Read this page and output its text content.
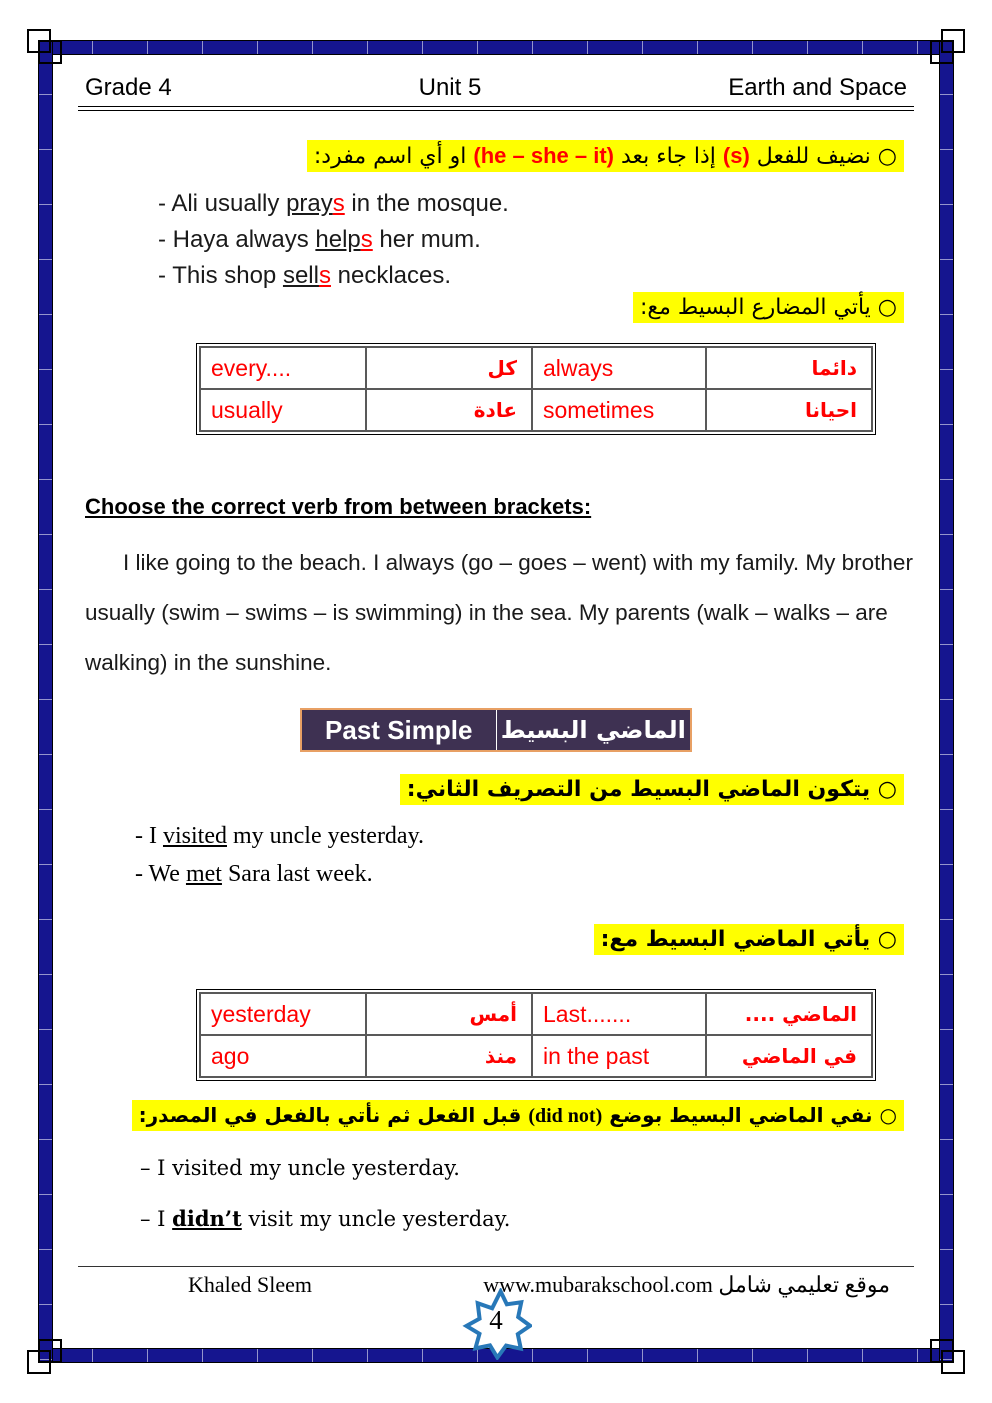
Grade 4	Unit 5	Earth and Space
○ نضيف للفعل (s) إذا جاء بعد (he – she – it) او أي اسم مفرد:
- Ali usually prays in the mosque.
- Haya always helps her mum.
- This shop sells necklaces.
○ يأتي المضارع البسيط مع:
every....	كل	always	دائما
usually	عادة	sometimes	احيانا
Choose the correct verb from between brackets:
I like going to the beach. I always (go – goes – went) with my family. My brother usually (swim – swims – is swimming) in the sea. My parents (walk – walks – are walking) in the sunshine.
Past Simple	الماضي البسيط
○ يتكون الماضي البسيط من التصريف الثاني:
- I visited my uncle yesterday.
- We met Sara last week.
○ يأتي الماضي البسيط مع:
yesterday	أمس	Last.......	الماضي ....
ago	منذ	in the past	في الماضي
○ نفي الماضي البسيط بوضع (did not) قبل الفعل ثم نأتي بالفعل في المصدر:
– I visited my uncle yesterday.
– I didn’t visit my uncle yesterday.
Khaled Sleem	www.mubarakschool.com موقع تعليمي شامل
4
